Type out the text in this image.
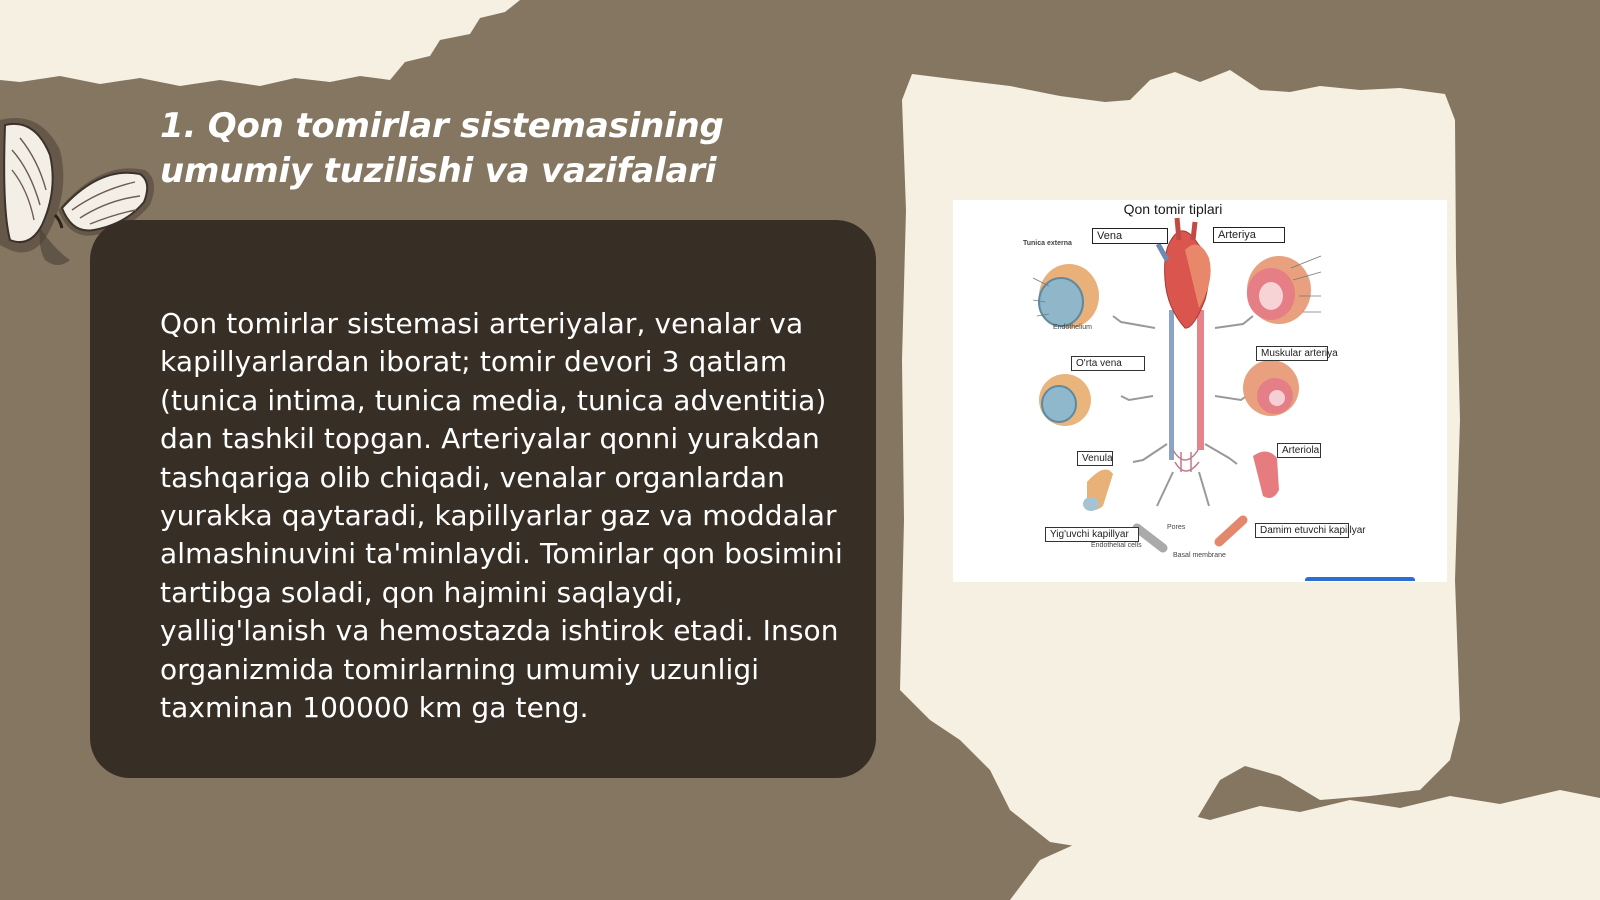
1. Qon tomirlar sistemasining umumiy tuzilishi va vazifalari

Qon tomirlar sistemasi arteriyalar, venalar va kapillyarlardan iborat; tomir devori 3 qatlam (tunica intima, tunica media, tunica adventitia) dan tashkil topgan. Arteriyalar qonni yurakdan tashqariga olib chiqadi, venalar organlardan yurakka qaytaradi, kapillyarlar gaz va moddalar almashinuvini ta'minlaydi. Tomirlar qon bosimini tartibga soladi, qon hajmini saqlaydi, yallig'lanish va hemostazda ishtirok etadi. Inson organizmida tomirlarning umumiy uzunligi taxminan 100000 km ga teng.

Qon tomir tiplari
Vena	Arteriya
O'rta vena
Muskular arteriya
Venula
Arteriola
Yig'uvchi kapillyar	Damim etuvchi kapillyar
Tunica externa
Endothelium
Pores
Basal membrane
Endothelial cells
